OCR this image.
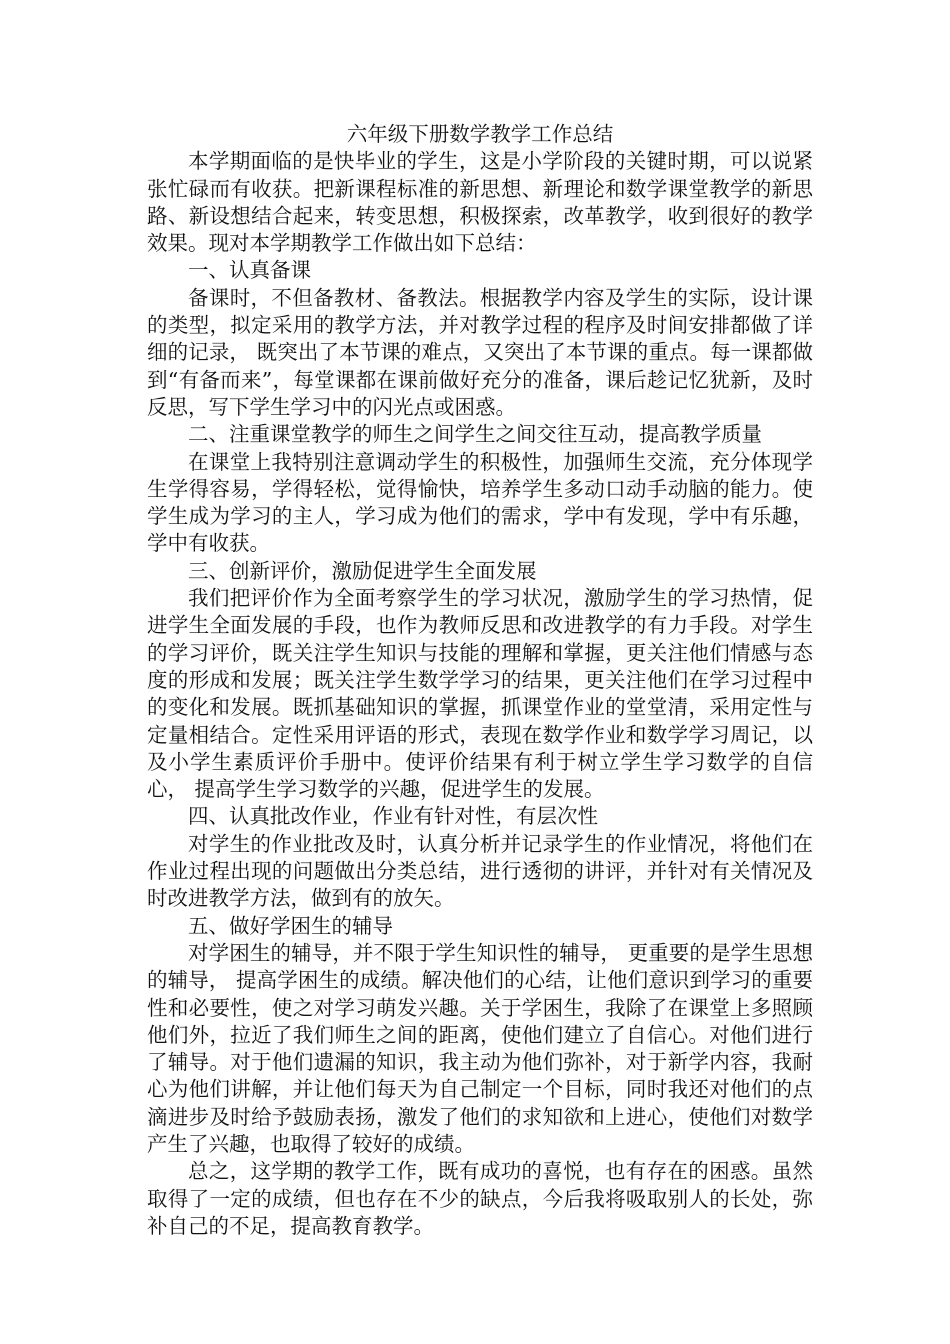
六年级下册数学教学工作总结

本学期面临的是快毕业的学生，这是小学阶段的关键时期，可以说紧张忙碌而有收获。把新课程标准的新思想、新理论和数学课堂教学的新思路、新设想结合起来，转变思想，积极探索，改革教学，收到很好的教学效果。现对本学期教学工作做出如下总结：

一、认真备课

备课时，不但备教材、备教法。根据教学内容及学生的实际，设计课的类型，拟定采用的教学方法，并对教学过程的程序及时间安排都做了详细的记录， 既突出了本节课的难点，又突出了本节课的重点。每一课都做到“有备而来”，每堂课都在课前做好充分的准备，课后趁记忆犹新，及时反思，写下学生学习中的闪光点或困惑。

二、注重课堂教学的师生之间学生之间交往互动，提高教学质量

在课堂上我特别注意调动学生的积极性，加强师生交流，充分体现学生学得容易，学得轻松，觉得愉快，培养学生多动口动手动脑的能力。使学生成为学习的主人，学习成为他们的需求，学中有发现，学中有乐趣，学中有收获。

三、创新评价，激励促进学生全面发展

我们把评价作为全面考察学生的学习状况，激励学生的学习热情，促进学生全面发展的手段，也作为教师反思和改进教学的有力手段。对学生的学习评价，既关注学生知识与技能的理解和掌握，更关注他们情感与态度的形成和发展；既关注学生数学学习的结果，更关注他们在学习过程中的变化和发展。既抓基础知识的掌握，抓课堂作业的堂堂清，采用定性与定量相结合。定性采用评语的形式，表现在数学作业和数学学习周记，以及小学生素质评价手册中。使评价结果有利于树立学生学习数学的自信心， 提高学生学习数学的兴趣，促进学生的发展。

四、认真批改作业，作业有针对性，有层次性

对学生的作业批改及时，认真分析并记录学生的作业情况，将他们在作业过程出现的问题做出分类总结，进行透彻的讲评，并针对有关情况及时改进教学方法，做到有的放矢。

五、做好学困生的辅导

对学困生的辅导，并不限于学生知识性的辅导， 更重要的是学生思想的辅导， 提高学困生的成绩。解决他们的心结，让他们意识到学习的重要性和必要性，使之对学习萌发兴趣。关于学困生，我除了在课堂上多照顾他们外，拉近了我们师生之间的距离，使他们建立了自信心。对他们进行了辅导。对于他们遗漏的知识，我主动为他们弥补，对于新学内容，我耐心为他们讲解，并让他们每天为自己制定一个目标，同时我还对他们的点滴进步及时给予鼓励表扬，激发了他们的求知欲和上进心，使他们对数学产生了兴趣，也取得了较好的成绩。

总之，这学期的教学工作，既有成功的喜悦，也有存在的困惑。虽然取得了一定的成绩，但也存在不少的缺点，今后我将吸取别人的长处，弥补自己的不足，提高教育教学。
